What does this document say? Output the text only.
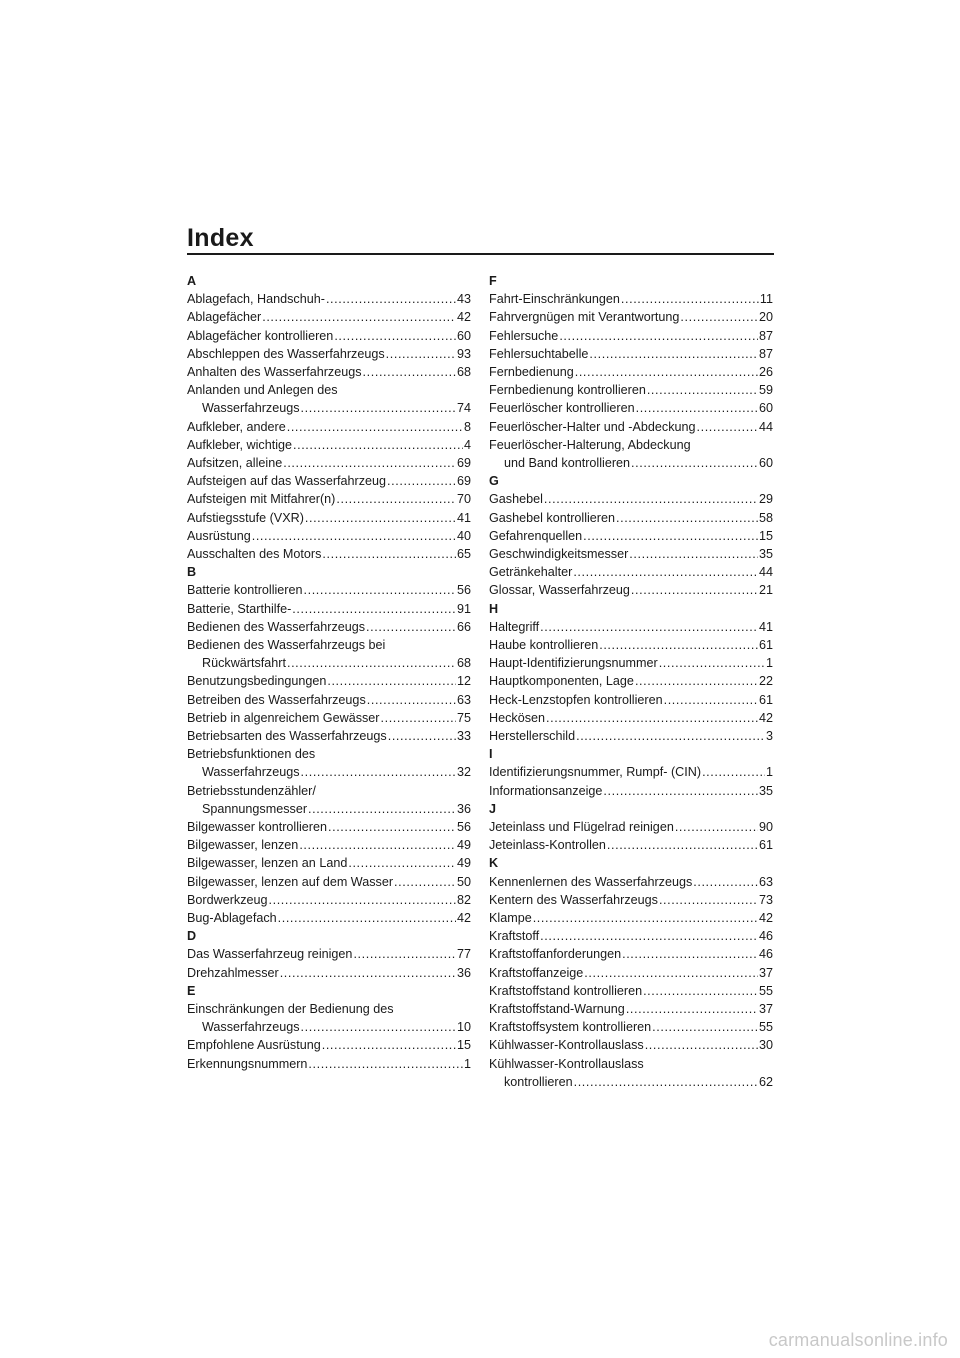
Index
A
Ablagefach, Handschuh- .....	43
Ablagefächer .....	42
Ablagefächer kontrollieren .....	60
Abschleppen des Wasserfahrzeugs .....	93
Anhalten des Wasserfahrzeugs .....	68
Anlanden und Anlegen des
Wasserfahrzeugs .....	74
Aufkleber, andere .....	8
Aufkleber, wichtige .....	4
Aufsitzen, alleine .....	69
Aufsteigen auf das Wasserfahrzeug .....	69
Aufsteigen mit Mitfahrer(n) .....	70
Aufstiegsstufe (VXR) .....	41
Ausrüstung .....	40
Ausschalten des Motors .....	65
B
Batterie kontrollieren .....	56
Batterie, Starthilfe- .....	91
Bedienen des Wasserfahrzeugs .....	66
Bedienen des Wasserfahrzeugs bei
Rückwärtsfahrt .....	68
Benutzungsbedingungen .....	12
Betreiben des Wasserfahrzeugs .....	63
Betrieb in algenreichem Gewässer .....	75
Betriebsarten des Wasserfahrzeugs .....	33
Betriebsfunktionen des
Wasserfahrzeugs .....	32
Betriebsstundenzähler/
Spannungsmesser .....	36
Bilgewasser kontrollieren .....	56
Bilgewasser, lenzen .....	49
Bilgewasser, lenzen an Land .....	49
Bilgewasser, lenzen auf dem Wasser .....	50
Bordwerkzeug .....	82
Bug-Ablagefach .....	42
D
Das Wasserfahrzeug reinigen .....	77
Drehzahlmesser .....	36
E
Einschränkungen der Bedienung des
Wasserfahrzeugs .....	10
Empfohlene Ausrüstung .....	15
Erkennungsnummern .....	1
F
Fahrt-Einschränkungen .....	11
Fahrvergnügen mit Verantwortung .....	20
Fehlersuche .....	87
Fehlersuchtabelle .....	87
Fernbedienung .....	26
Fernbedienung kontrollieren .....	59
Feuerlöscher kontrollieren .....	60
Feuerlöscher-Halter und -Abdeckung .....	44
Feuerlöscher-Halterung, Abdeckung
und Band kontrollieren .....	60
G
Gashebel .....	29
Gashebel kontrollieren .....	58
Gefahrenquellen .....	15
Geschwindigkeitsmesser .....	35
Getränkehalter .....	44
Glossar, Wasserfahrzeug .....	21
H
Haltegriff .....	41
Haube kontrollieren .....	61
Haupt-Identifizierungsnummer .....	1
Hauptkomponenten, Lage .....	22
Heck-Lenzstopfen kontrollieren .....	61
Heckösen .....	42
Herstellerschild .....	3
I
Identifizierungsnummer, Rumpf- (CIN) .....	1
Informationsanzeige .....	35
J
Jeteinlass und Flügelrad reinigen .....	90
Jeteinlass-Kontrollen .....	61
K
Kennenlernen des Wasserfahrzeugs .....	63
Kentern des Wasserfahrzeugs .....	73
Klampe .....	42
Kraftstoff .....	46
Kraftstoffanforderungen .....	46
Kraftstoffanzeige .....	37
Kraftstoffstand kontrollieren .....	55
Kraftstoffstand-Warnung .....	37
Kraftstoffsystem kontrollieren .....	55
Kühlwasser-Kontrollauslass .....	30
Kühlwasser-Kontrollauslass
kontrollieren .....	62
carmanualsonline.info
